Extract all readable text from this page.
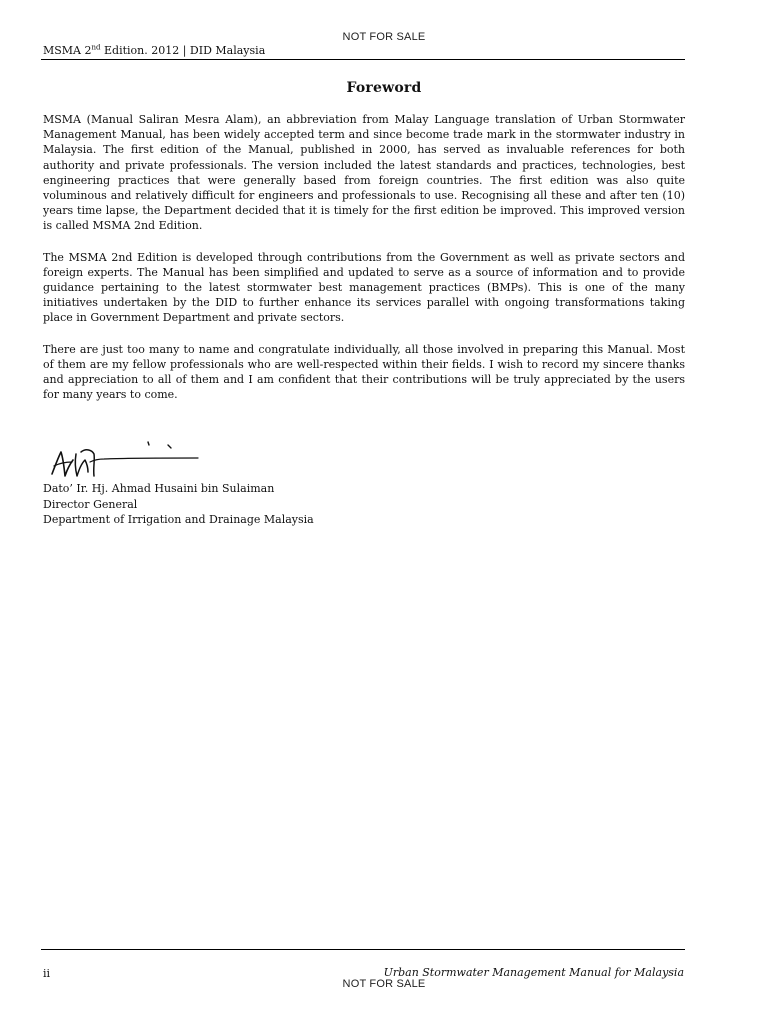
NOT FOR SALE
MSMA 2nd Edition. 2012 | DID Malaysia
Foreword

MSMA (Manual Saliran Mesra Alam), an abbreviation from Malay Language translation of Urban Stormwater Management Manual, has been widely accepted term and since become trade mark in the stormwater industry in Malaysia. The first edition of the Manual, published in 2000, has served as invaluable references for both authority and private professionals. The version included the latest standards and practices, technologies, best engineering practices that were generally based from foreign countries. The first edition was also quite voluminous and relatively difficult for engineers and professionals to use. Recognising all these and after ten (10) years time lapse, the Department decided that it is timely for the first edition be improved. This improved version is called MSMA 2nd Edition.

The MSMA 2nd Edition is developed through contributions from the Government as well as private sectors and foreign experts. The Manual has been simplified and updated to serve as a source of information and to provide guidance pertaining to the latest stormwater best management practices (BMPs). This is one of the many initiatives undertaken by the DID to further enhance its services parallel with ongoing transformations taking place in Government Department and private sectors.

There are just too many to name and congratulate individually, all those involved in preparing this Manual. Most of them are my fellow professionals who are well-respected within their fields. I wish to record my sincere thanks and appreciation to all of them and I am confident that their contributions will be truly appreciated by the users for many years to come.

Dato’ Ir. Hj. Ahmad Husaini bin Sulaiman
Director General
Department of Irrigation and Drainage Malaysia
ii	Urban Stormwater Management Manual for Malaysia
NOT FOR SALE
